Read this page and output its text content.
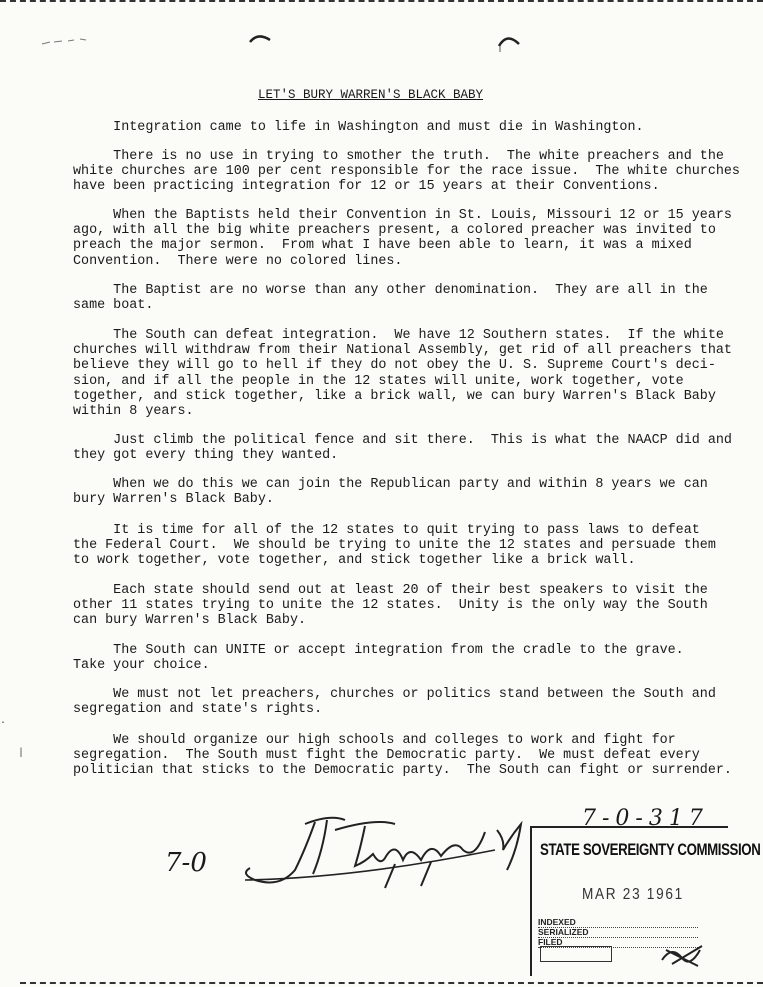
·
|
LET'S BURY WARREN'S BLACK BABY

Integration came to life in Washington and must die in Washington.

There is no use in trying to smother the truth.  The white preachers and the
white churches are 100 per cent responsible for the race issue.  The white churches
have been practicing integration for 12 or 15 years at their Conventions.

When the Baptists held their Convention in St. Louis, Missouri 12 or 15 years
ago, with all the big white preachers present, a colored preacher was invited to
preach the major sermon.  From what I have been able to learn, it was a mixed
Convention.  There were no colored lines.

The Baptist are no worse than any other denomination.  They are all in the
same boat.

The South can defeat integration.  We have 12 Southern states.  If the white
churches will withdraw from their National Assembly, get rid of all preachers that
believe they will go to hell if they do not obey the U. S. Supreme Court's deci-
sion, and if all the people in the 12 states will unite, work together, vote
together, and stick together, like a brick wall, we can bury Warren's Black Baby
within 8 years.

Just climb the political fence and sit there.  This is what the NAACP did and
they got every thing they wanted.

When we do this we can join the Republican party and within 8 years we can
bury Warren's Black Baby.

It is time for all of the 12 states to quit trying to pass laws to defeat
the Federal Court.  We should be trying to unite the 12 states and persuade them
to work together, vote together, and stick together like a brick wall.

Each state should send out at least 20 of their best speakers to visit the
other 11 states trying to unite the 12 states.  Unity is the only way the South
can bury Warren's Black Baby.

The South can UNITE or accept integration from the cradle to the grave.
Take your choice.

We must not let preachers, churches or politics stand between the South and
segregation and state's rights.

We should organize our high schools and colleges to work and fight for
segregation.  The South must fight the Democratic party.  We must defeat every
politician that sticks to the Democratic party.  The South can fight or surrender.

7-0
7-0-317
STATE SOVEREIGNTY COMMISSION
MAR 23 1961
INDEXED
SERIALIZED
FILED
